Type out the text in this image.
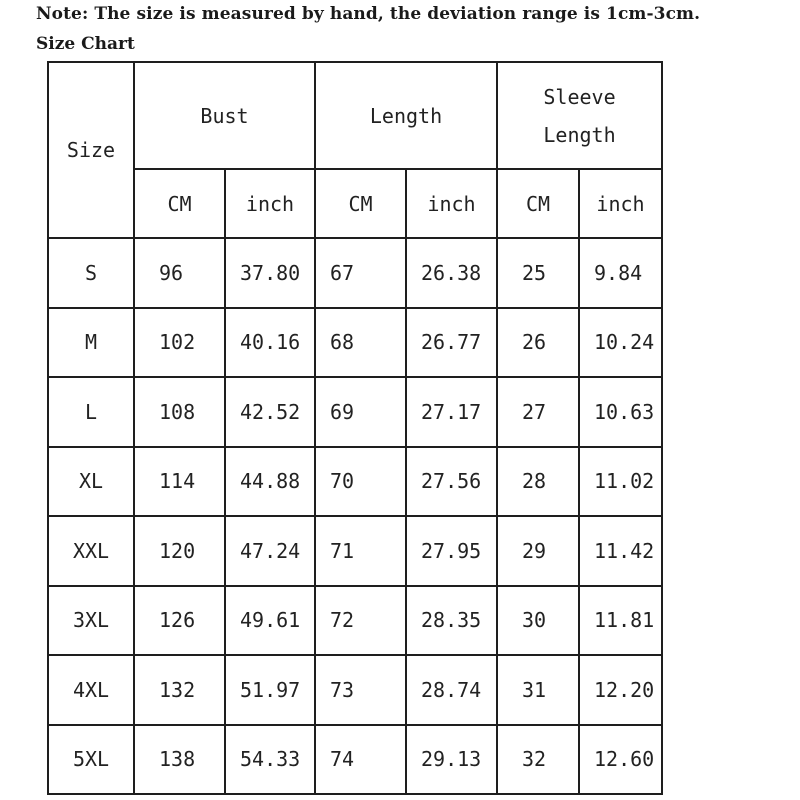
Note: The size is measured by hand, the deviation range is 1cm-3cm.
Size Chart
Size	Bust		Length		Sleeve Length	

	CM	inch	CM	inch	CM	inch
S	96	37.80	67	26.38	25	9.84
M	102	40.16	68	26.77	26	10.24
L	108	42.52	69	27.17	27	10.63
XL	114	44.88	70	27.56	28	11.02
XXL	120	47.24	71	27.95	29	11.42
3XL	126	49.61	72	28.35	30	11.81
4XL	132	51.97	73	28.74	31	12.20
5XL	138	54.33	74	29.13	32	12.60
